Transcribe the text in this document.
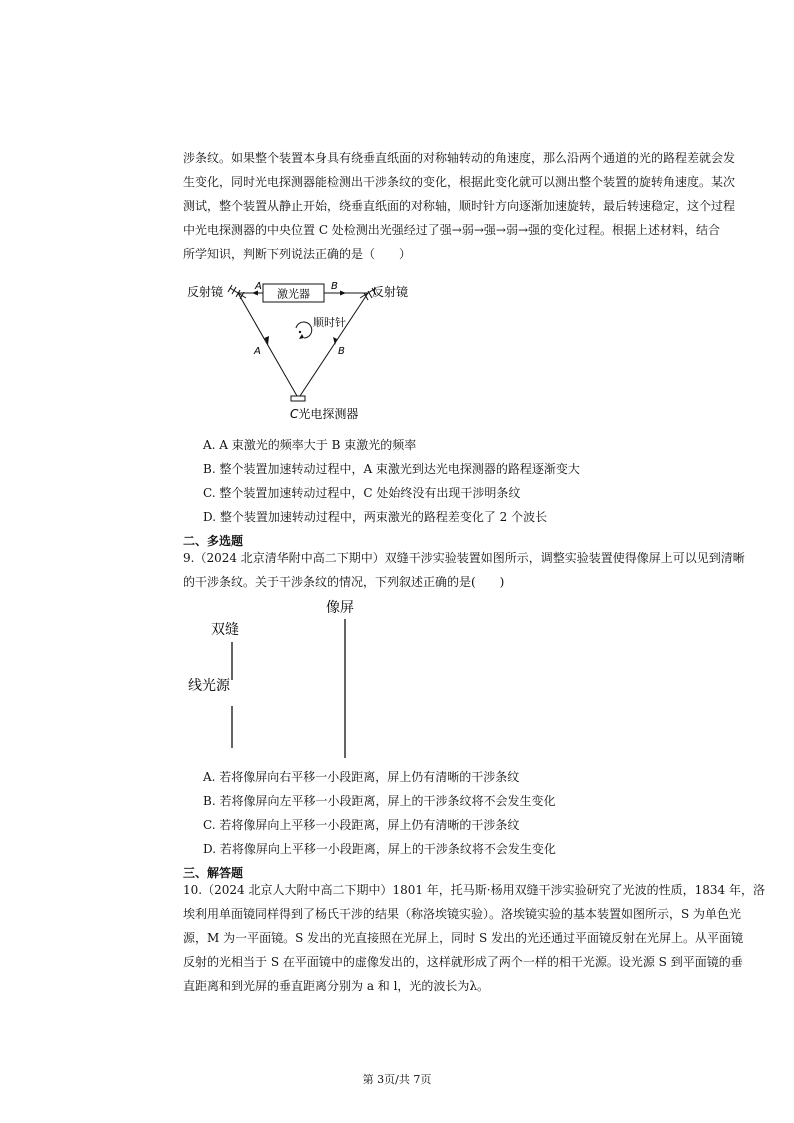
涉条纹。如果整个装置本身具有绕垂直纸面的对称轴转动的角速度，那么沿两个通道的光的路程差就会发
生变化，同时光电探测器能检测出干涉条纹的变化，根据此变化就可以测出整个装置的旋转角速度。某次
测试，整个装置从静止开始，绕垂直纸面的对称轴，顺时针方向逐渐加速旋转，最后转速稳定，这个过程
中光电探测器的中央位置 C 处检测出光强经过了强→弱→强→弱→强的变化过程。根据上述材料，结合
所学知识，判断下列说法正确的是（　　）
激光器
反射镜	反射镜
A	B
A	B
顺时针
C光电探测器
A. A 束激光的频率大于 B 束激光的频率
B. 整个装置加速转动过程中，A 束激光到达光电探测器的路程逐渐变大
C. 整个装置加速转动过程中，C 处始终没有出现干涉明条纹
D. 整个装置加速转动过程中，两束激光的路程差变化了 2 个波长
二、多选题
9.（2024 北京清华附中高二下期中）双缝干涉实验装置如图所示，调整实验装置使得像屏上可以见到清晰
的干涉条纹。关于干涉条纹的情况，下列叙述正确的是(　　)
像屏
双缝
线光源
A. 若将像屏向右平移一小段距离，屏上仍有清晰的干涉条纹
B. 若将像屏向左平移一小段距离，屏上的干涉条纹将不会发生变化
C. 若将像屏向上平移一小段距离，屏上仍有清晰的干涉条纹
D. 若将像屏向上平移一小段距离，屏上的干涉条纹将不会发生变化
三、解答题
10.（2024 北京人大附中高二下期中）1801 年，托马斯·杨用双缝干涉实验研究了光波的性质，1834 年，洛
埃利用单面镜同样得到了杨氏干涉的结果（称洛埃镜实验）。洛埃镜实验的基本装置如图所示，S 为单色光
源，M 为一平面镜。S 发出的光直接照在光屏上，同时 S 发出的光还通过平面镜反射在光屏上。从平面镜
反射的光相当于 S 在平面镜中的虚像发出的，这样就形成了两个一样的相干光源。设光源 S 到平面镜的垂
直距离和到光屏的垂直距离分别为 a 和 l，光的波长为λ。
第 3页/共 7页
